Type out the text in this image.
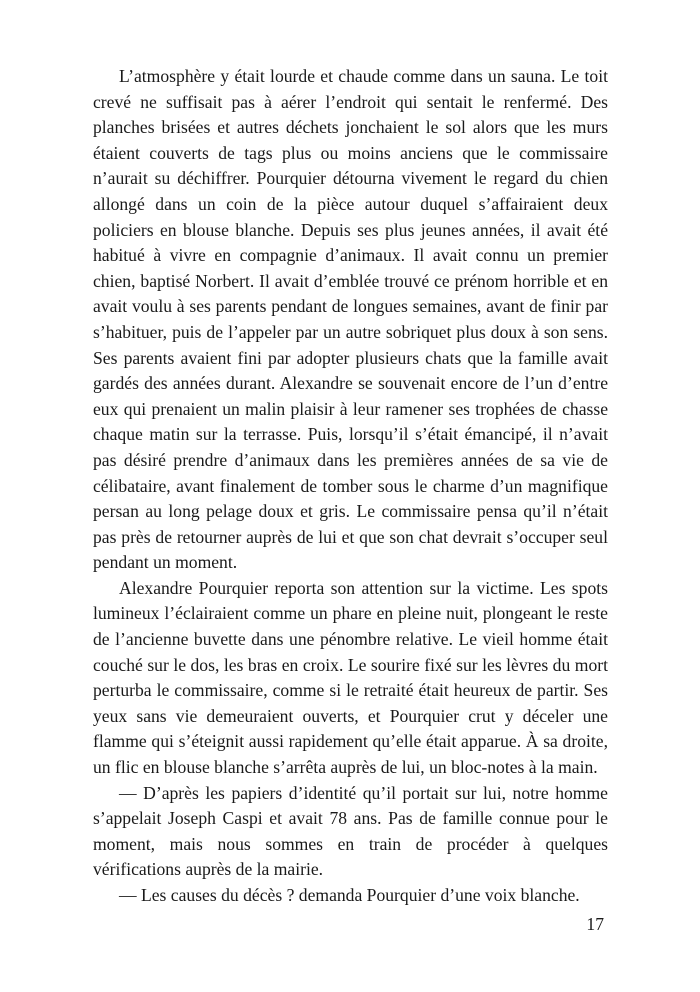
L’atmosphère y était lourde et chaude comme dans un sauna. Le toit crevé ne suffisait pas à aérer l’endroit qui sentait le renfermé. Des planches brisées et autres déchets jonchaient le sol alors que les murs étaient couverts de tags plus ou moins anciens que le commissaire n’aurait su déchiffrer. Pourquier détourna vivement le regard du chien allongé dans un coin de la pièce autour duquel s’affairaient deux policiers en blouse blanche. Depuis ses plus jeunes années, il avait été habitué à vivre en compagnie d’animaux. Il avait connu un premier chien, baptisé Norbert. Il avait d’emblée trouvé ce prénom horrible et en avait voulu à ses parents pendant de longues semaines, avant de finir par s’habituer, puis de l’appeler par un autre sobriquet plus doux à son sens. Ses parents avaient fini par adopter plusieurs chats que la famille avait gardés des années durant. Alexandre se souvenait encore de l’un d’entre eux qui prenaient un malin plaisir à leur ramener ses trophées de chasse chaque matin sur la terrasse. Puis, lorsqu’il s’était émancipé, il n’avait pas désiré prendre d’animaux dans les premières années de sa vie de célibataire, avant finalement de tomber sous le charme d’un magnifique persan au long pelage doux et gris. Le commissaire pensa qu’il n’était pas près de retourner auprès de lui et que son chat devrait s’occuper seul pendant un moment.

Alexandre Pourquier reporta son attention sur la victime. Les spots lumineux l’éclairaient comme un phare en pleine nuit, plongeant le reste de l’ancienne buvette dans une pénombre relative. Le vieil homme était couché sur le dos, les bras en croix. Le sourire fixé sur les lèvres du mort perturba le commissaire, comme si le retraité était heureux de partir. Ses yeux sans vie demeuraient ouverts, et Pourquier crut y déceler une flamme qui s’éteignit aussi rapidement qu’elle était apparue. À sa droite, un flic en blouse blanche s’arrêta auprès de lui, un bloc-notes à la main.

— D’après les papiers d’identité qu’il portait sur lui, notre homme s’appelait Joseph Caspi et avait 78 ans. Pas de famille connue pour le moment, mais nous sommes en train de procéder à quelques vérifications auprès de la mairie.

— Les causes du décès ? demanda Pourquier d’une voix blanche.

17
